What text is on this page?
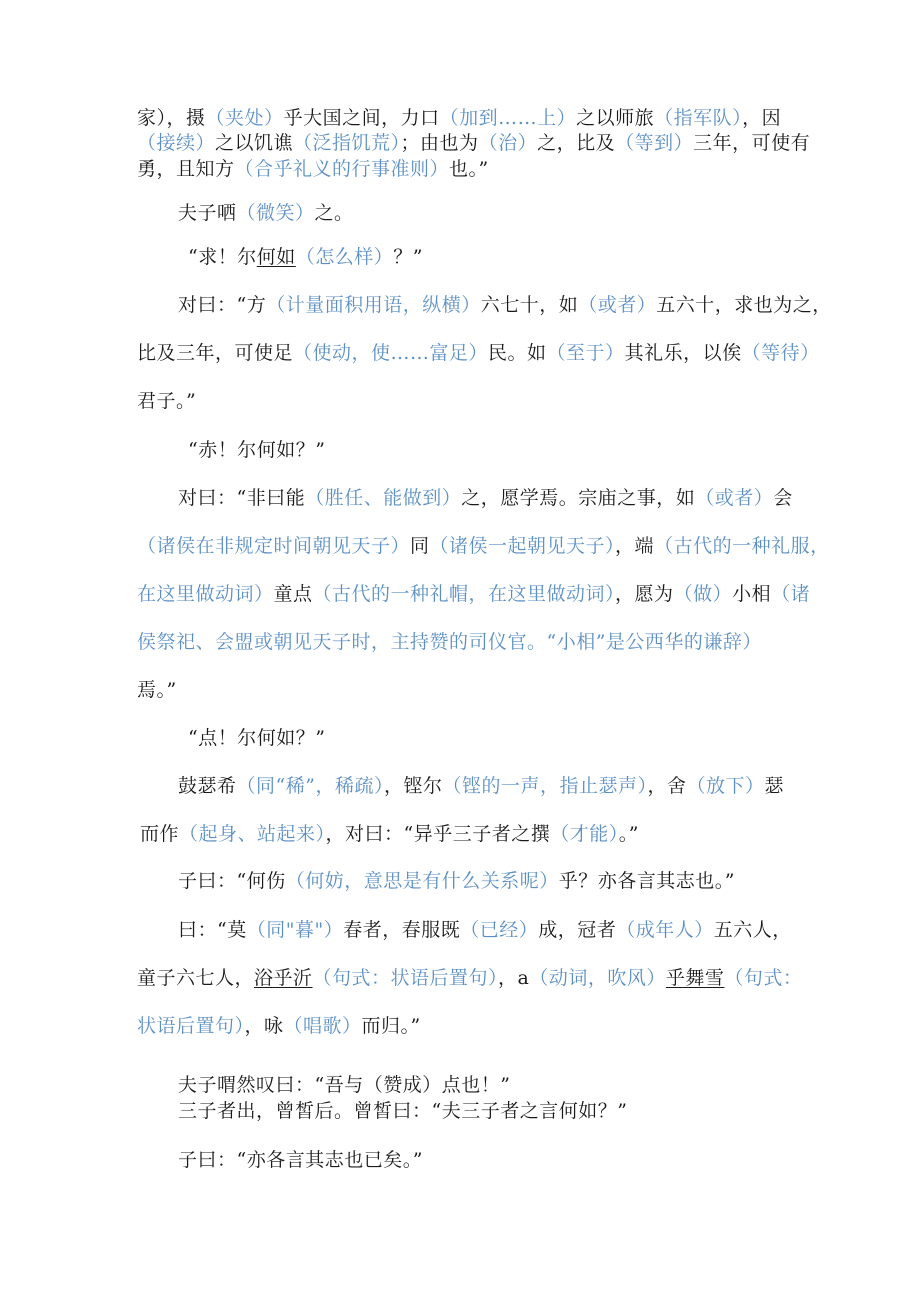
家），摄（夹处）乎大国之间，力口（加到……上）之以师旅（指军队），因
（接续）之以饥谯（泛指饥荒）；由也为（治）之，比及（等到）三年，可使有
勇，且知方（合乎礼义的行事准则）也。”
夫子哂（微笑）之。
“求！尔何如（怎么样）？”
对曰：“方（计量面积用语，纵横）六七十，如（或者）五六十，求也为之，
比及三年，可使足（使动，使……富足）民。如（至于）其礼乐，以俟（等待）
君子。”
“赤！尔何如？”
对曰：“非曰能（胜任、能做到）之，愿学焉。宗庙之事，如（或者）会
（诸侯在非规定时间朝见天子）同（诸侯一起朝见天子），端（古代的一种礼服，
在这里做动词）童点（古代的一种礼帽，在这里做动词），愿为（做）小相（诸
侯祭祀、会盟或朝见天子时，主持赞的司仪官。“小相”是公西华的谦辞）
焉。”
“点！尔何如？”
鼓瑟希（同“稀”，稀疏），铿尔（铿的一声，指止瑟声），舍（放下）瑟
而作（起身、站起来），对曰：“异乎三子者之撰（才能）。”
子曰：“何伤（何妨，意思是有什么关系呢）乎？亦各言其志也。”
曰：“莫（同"暮"）春者，春服既（已经）成，冠者（成年人）五六人，
童子六七人，浴乎沂（句式：状语后置句），a（动词，吹风）乎舞雪（句式：
状语后置句），咏（唱歌）而归。”
夫子喟然叹曰：“吾与（赞成）点也！”
三子者出，曾皙后。曾皙曰：“夫三子者之言何如？”
子曰：“亦各言其志也已矣。”
